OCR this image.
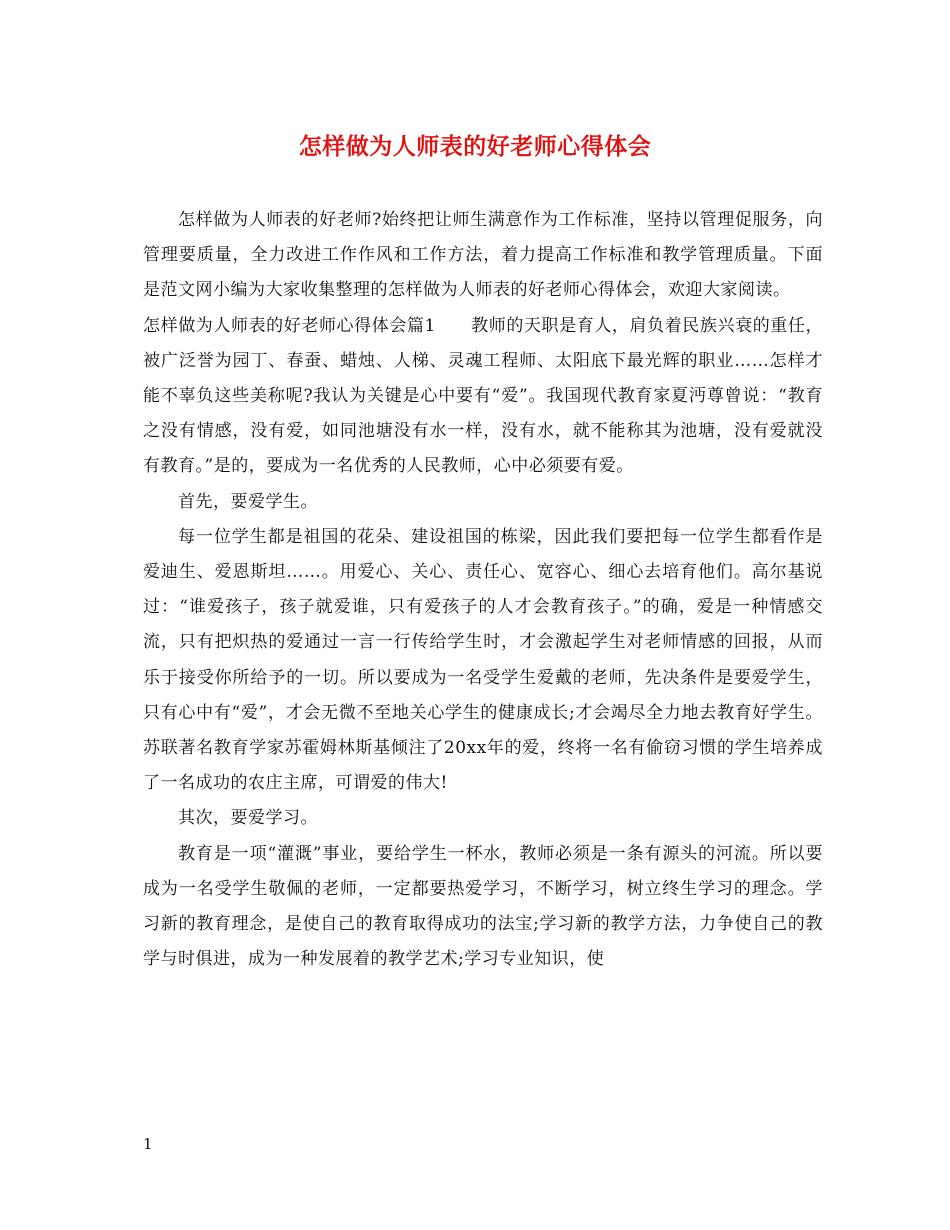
怎样做为人师表的好老师心得体会

怎样做为人师表的好老师?始终把让师生满意作为工作标准，坚持以管理促服务，向管理要质量，全力改进工作作风和工作方法，着力提高工作标准和教学管理质量。下面是范文网小编为大家收集整理的怎样做为人师表的好老师心得体会，欢迎大家阅读。

怎样做为人师表的好老师心得体会篇1　　教师的天职是育人，肩负着民族兴衰的重任，被广泛誉为园丁、春蚕、蜡烛、人梯、灵魂工程师、太阳底下最光辉的职业……怎样才能不辜负这些美称呢?我认为关键是心中要有“爱”。我国现代教育家夏沔尊曾说：“教育之没有情感，没有爱，如同池塘没有水一样，没有水，就不能称其为池塘，没有爱就没有教育。”是的，要成为一名优秀的人民教师，心中必须要有爱。

首先，要爱学生。

每一位学生都是祖国的花朵、建设祖国的栋梁，因此我们要把每一位学生都看作是爱迪生、爱恩斯坦……。用爱心、关心、责任心、宽容心、细心去培育他们。高尔基说过：“谁爱孩子，孩子就爱谁，只有爱孩子的人才会教育孩子。”的确，爱是一种情感交流，只有把炽热的爱通过一言一行传给学生时，才会激起学生对老师情感的回报，从而乐于接受你所给予的一切。所以要成为一名受学生爱戴的老师，先决条件是要爱学生，只有心中有“爱”，才会无微不至地关心学生的健康成长;才会竭尽全力地去教育好学生。苏联著名教育学家苏霍姆林斯基倾注了20xx年的爱，终将一名有偷窃习惯的学生培养成了一名成功的农庄主席，可谓爱的伟大!

其次，要爱学习。

教育是一项“灌溉”事业，要给学生一杯水，教师必须是一条有源头的河流。所以要成为一名受学生敬佩的老师，一定都要热爱学习，不断学习，树立终生学习的理念。学习新的教育理念，是使自己的教育取得成功的法宝;学习新的教学方法，力争使自己的教学与时俱进，成为一种发展着的教学艺术;学习专业知识，使

1
